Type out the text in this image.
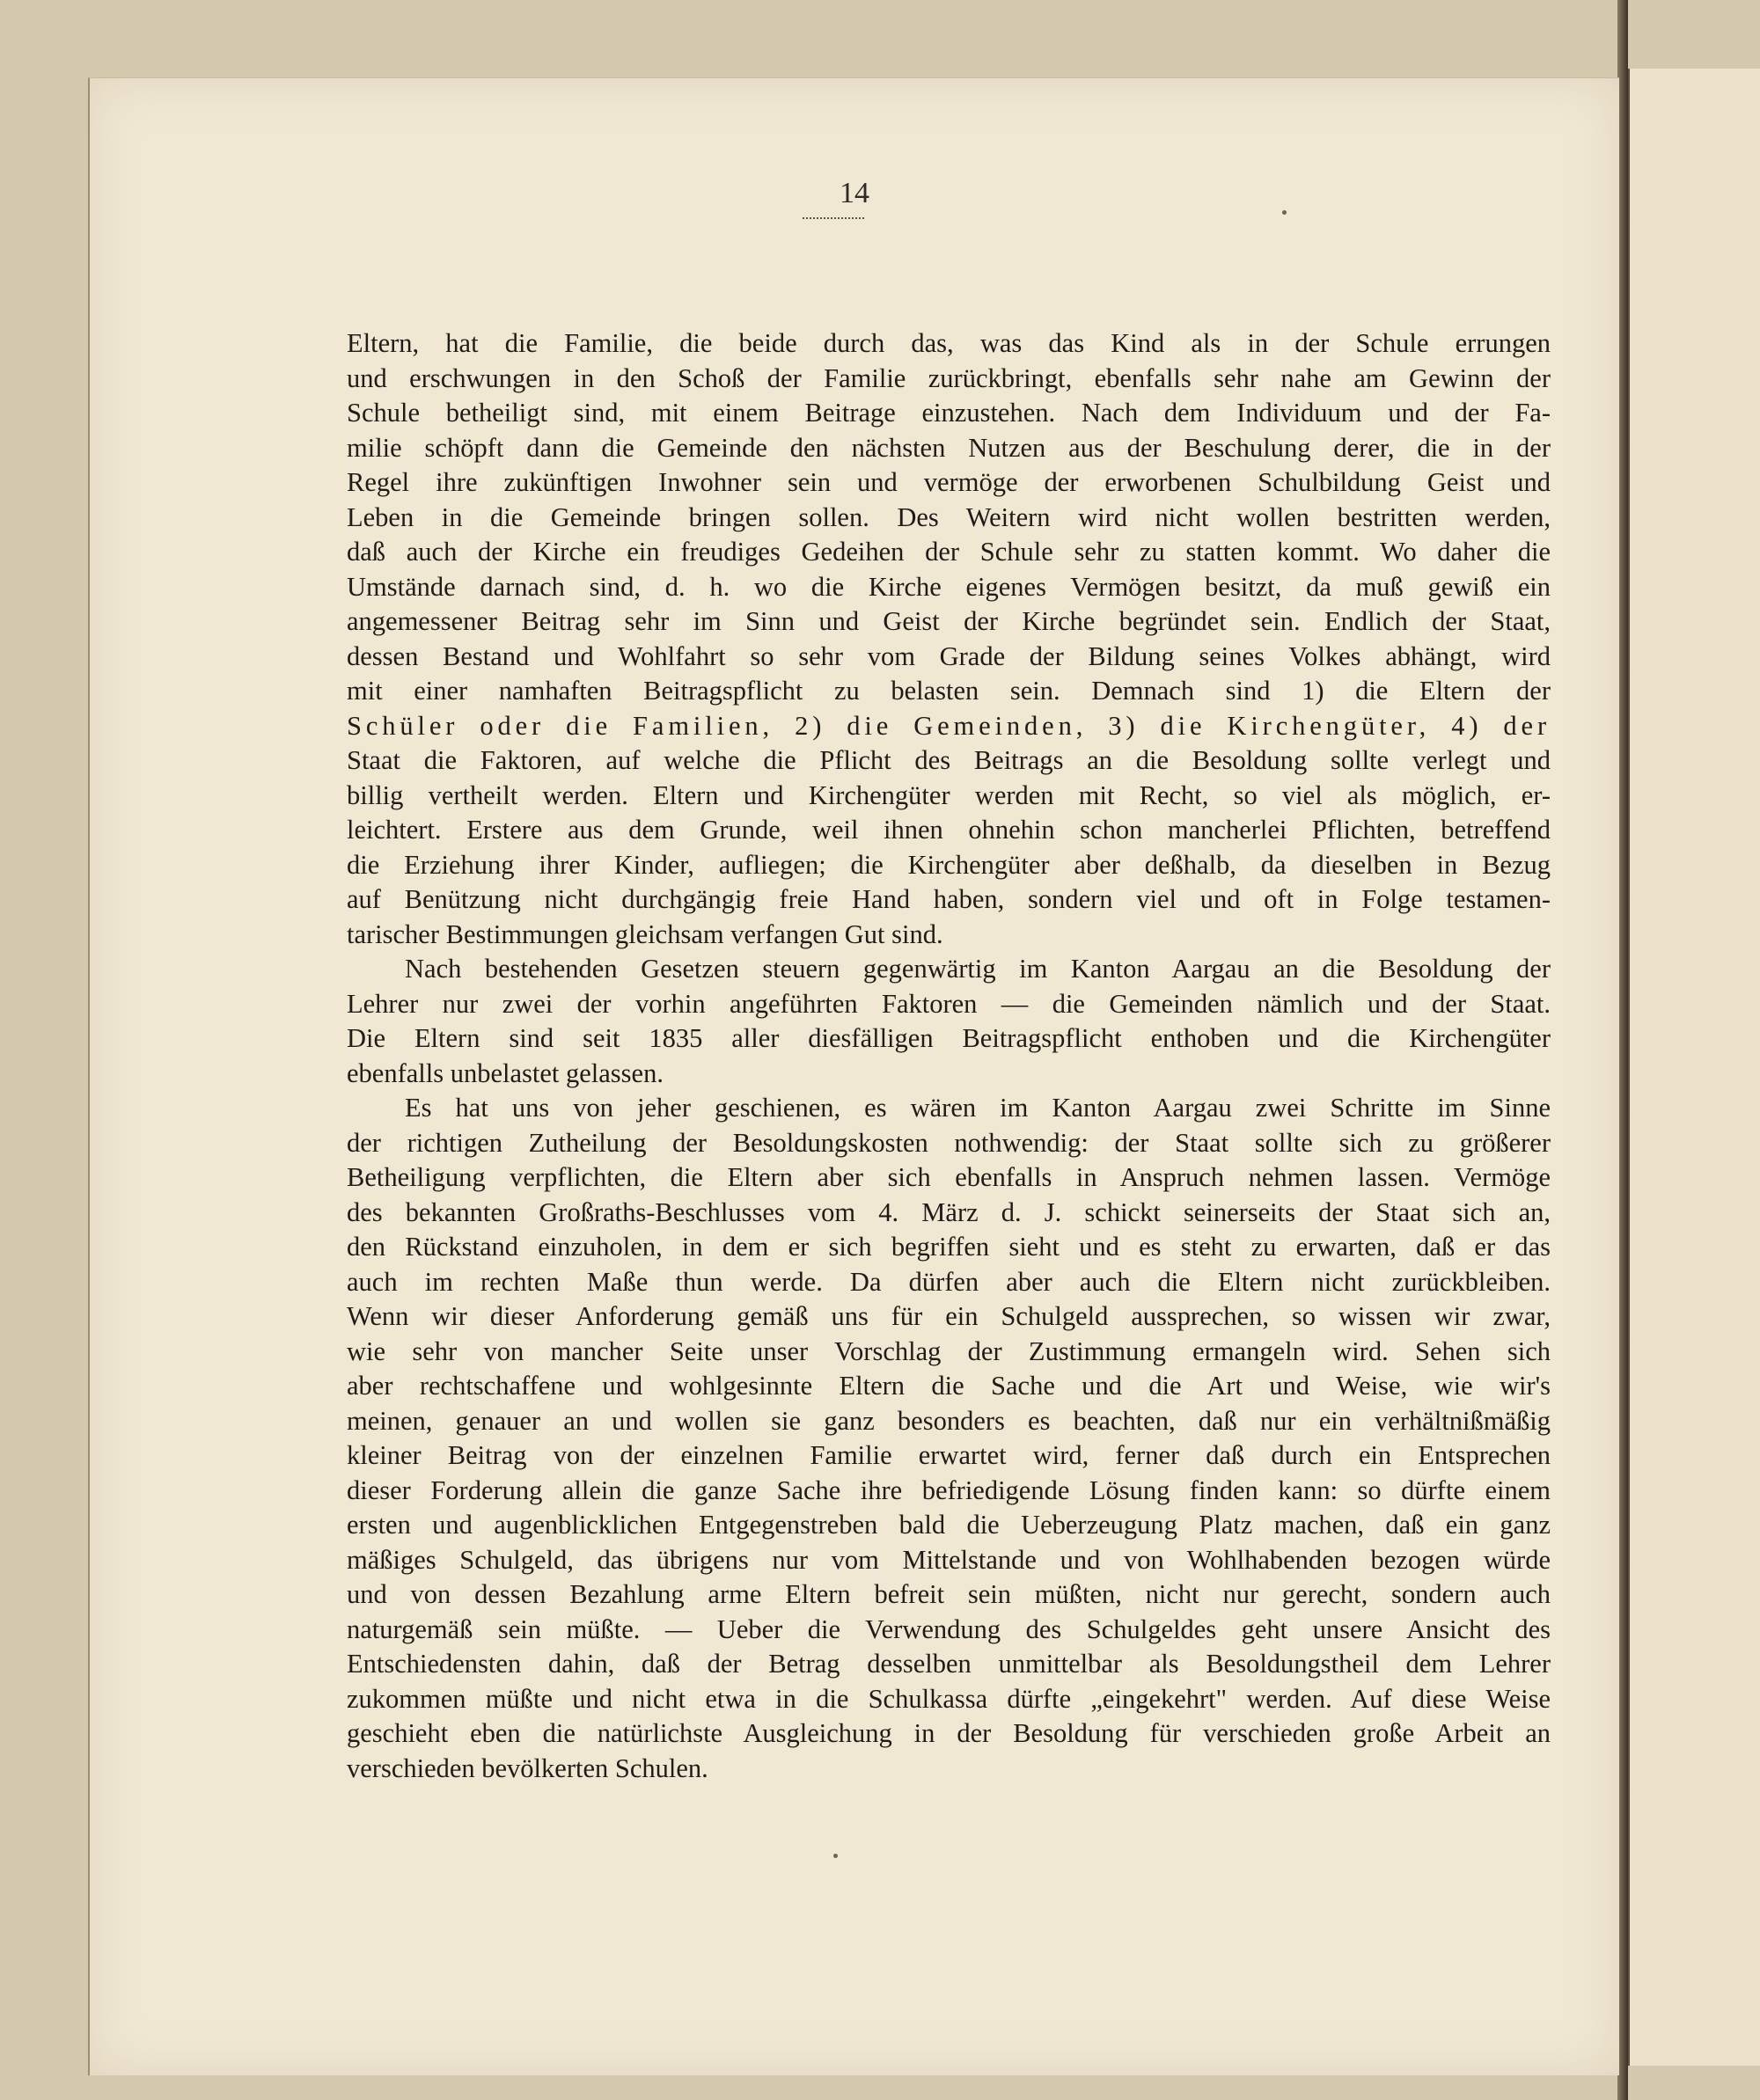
14
Eltern, hat die Familie, die beide durch das, was das Kind als in der Schule errungen
und erschwungen in den Schoß der Familie zurückbringt, ebenfalls sehr nahe am Gewinn der
Schule betheiligt sind, mit einem Beitrage einzustehen. Nach dem Individuum und der Fa-
milie schöpft dann die Gemeinde den nächsten Nutzen aus der Beschulung derer, die in der
Regel ihre zukünftigen Inwohner sein und vermöge der erworbenen Schulbildung Geist und
Leben in die Gemeinde bringen sollen. Des Weitern wird nicht wollen bestritten werden,
daß auch der Kirche ein freudiges Gedeihen der Schule sehr zu statten kommt. Wo daher die
Umstände darnach sind, d. h. wo die Kirche eigenes Vermögen besitzt, da muß gewiß ein
angemessener Beitrag sehr im Sinn und Geist der Kirche begründet sein. Endlich der Staat,
dessen Bestand und Wohlfahrt so sehr vom Grade der Bildung seines Volkes abhängt, wird
mit einer namhaften Beitragspflicht zu belasten sein. Demnach sind 1) die Eltern der
Schüler oder die Familien, 2) die Gemeinden, 3) die Kirchengüter, 4) der
Staat die Faktoren, auf welche die Pflicht des Beitrags an die Besoldung sollte verlegt und
billig vertheilt werden. Eltern und Kirchengüter werden mit Recht, so viel als möglich, er-
leichtert. Erstere aus dem Grunde, weil ihnen ohnehin schon mancherlei Pflichten, betreffend
die Erziehung ihrer Kinder, aufliegen; die Kirchengüter aber deßhalb, da dieselben in Bezug
auf Benützung nicht durchgängig freie Hand haben, sondern viel und oft in Folge testamen-
tarischer Bestimmungen gleichsam verfangen Gut sind.
Nach bestehenden Gesetzen steuern gegenwärtig im Kanton Aargau an die Besoldung der
Lehrer nur zwei der vorhin angeführten Faktoren — die Gemeinden nämlich und der Staat.
Die Eltern sind seit 1835 aller diesfälligen Beitragspflicht enthoben und die Kirchengüter
ebenfalls unbelastet gelassen.
Es hat uns von jeher geschienen, es wären im Kanton Aargau zwei Schritte im Sinne
der richtigen Zutheilung der Besoldungskosten nothwendig: der Staat sollte sich zu größerer
Betheiligung verpflichten, die Eltern aber sich ebenfalls in Anspruch nehmen lassen. Vermöge
des bekannten Großraths-Beschlusses vom 4. März d. J. schickt seinerseits der Staat sich an,
den Rückstand einzuholen, in dem er sich begriffen sieht und es steht zu erwarten, daß er das
auch im rechten Maße thun werde. Da dürfen aber auch die Eltern nicht zurückbleiben.
Wenn wir dieser Anforderung gemäß uns für ein Schulgeld aussprechen, so wissen wir zwar,
wie sehr von mancher Seite unser Vorschlag der Zustimmung ermangeln wird. Sehen sich
aber rechtschaffene und wohlgesinnte Eltern die Sache und die Art und Weise, wie wir's
meinen, genauer an und wollen sie ganz besonders es beachten, daß nur ein verhältnißmäßig
kleiner Beitrag von der einzelnen Familie erwartet wird, ferner daß durch ein Entsprechen
dieser Forderung allein die ganze Sache ihre befriedigende Lösung finden kann: so dürfte einem
ersten und augenblicklichen Entgegenstreben bald die Ueberzeugung Platz machen, daß ein ganz
mäßiges Schulgeld, das übrigens nur vom Mittelstande und von Wohlhabenden bezogen würde
und von dessen Bezahlung arme Eltern befreit sein müßten, nicht nur gerecht, sondern auch
naturgemäß sein müßte. — Ueber die Verwendung des Schulgeldes geht unsere Ansicht des
Entschiedensten dahin, daß der Betrag desselben unmittelbar als Besoldungstheil dem Lehrer
zukommen müßte und nicht etwa in die Schulkassa dürfte „eingekehrt" werden. Auf diese Weise
geschieht eben die natürlichste Ausgleichung in der Besoldung für verschieden große Arbeit an
verschieden bevölkerten Schulen.
